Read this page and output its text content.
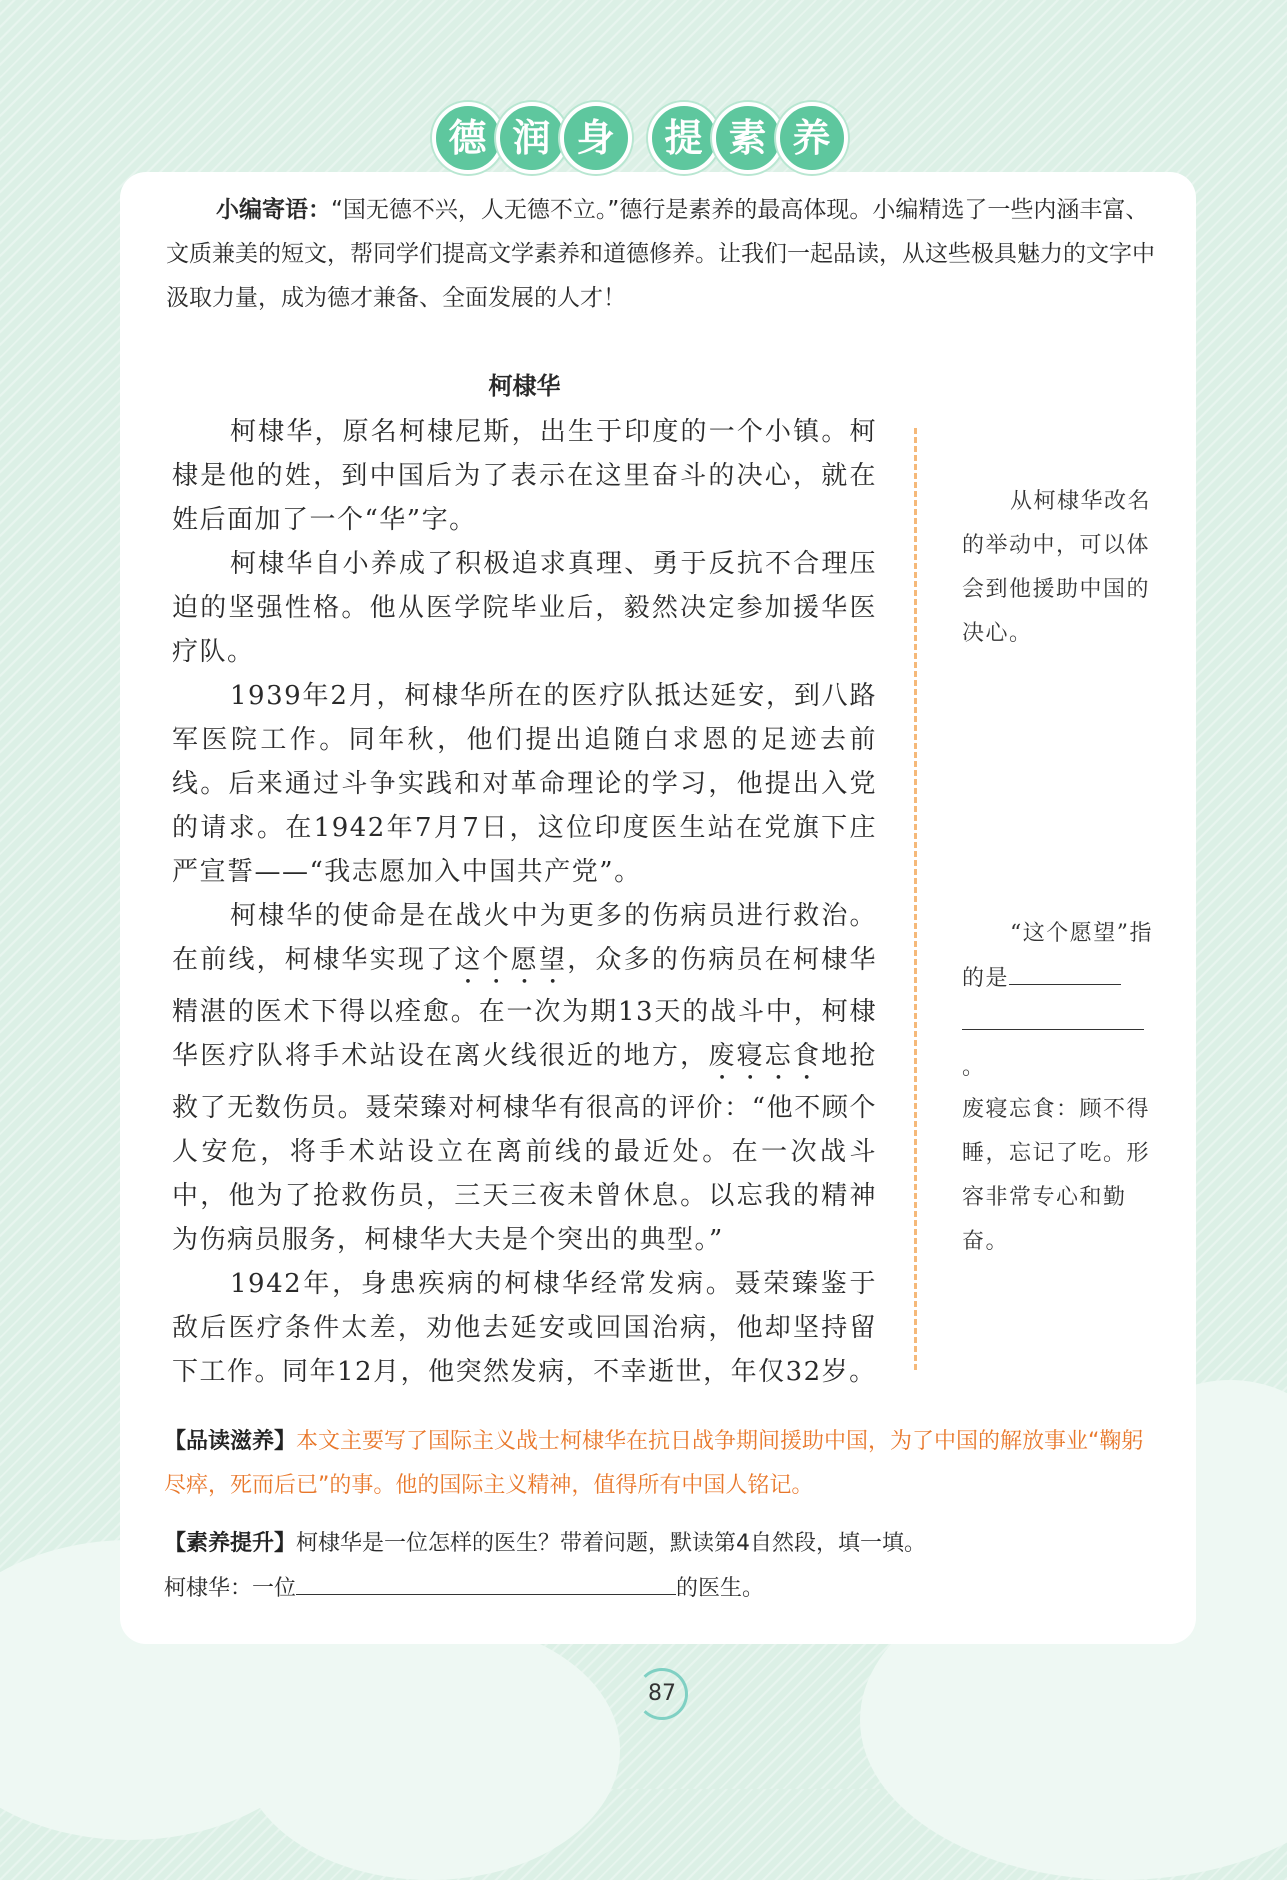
德 润 身	提 素 养

小编寄语：“国无德不兴，人无德不立。”德行是素养的最高体现。小编精选了一些内涵丰富、文质兼美的短文，帮同学们提高文学素养和道德修养。让我们一起品读，从这些极具魅力的文字中汲取力量，成为德才兼备、全面发展的人才！

柯棣华

柯棣华，原名柯棣尼斯，出生于印度的一个小镇。柯棣是他的姓，到中国后为了表示在这里奋斗的决心，就在姓后面加了一个“华”字。

柯棣华自小养成了积极追求真理、勇于反抗不合理压迫的坚强性格。他从医学院毕业后，毅然决定参加援华医疗队。

1939年2月，柯棣华所在的医疗队抵达延安，到八路军医院工作。同年秋，他们提出追随白求恩的足迹去前线。后来通过斗争实践和对革命理论的学习，他提出入党的请求。在1942年7月7日，这位印度医生站在党旗下庄严宣誓——“我志愿加入中国共产党”。

柯棣华的使命是在战火中为更多的伤病员进行救治。在前线，柯棣华实现了这个愿望，众多的伤病员在柯棣华精湛的医术下得以痊愈。在一次为期13天的战斗中，柯棣华医疗队将手术站设在离火线很近的地方，废寝忘食地抢救了无数伤员。聂荣臻对柯棣华有很高的评价：“他不顾个人安危，将手术站设立在离前线的最近处。在一次战斗中，他为了抢救伤员，三天三夜未曾休息。以忘我的精神为伤病员服务，柯棣华大夫是个突出的典型。”

1942年，身患疾病的柯棣华经常发病。聂荣臻鉴于敌后医疗条件太差，劝他去延安或回国治病，他却坚持留下工作。同年12月，他突然发病，不幸逝世，年仅32岁。

从柯棣华改名的举动中，可以体会到他援助中国的决心。

“这个愿望”指的是

。

废寝忘食：顾不得睡，忘记了吃。形容非常专心和勤奋。

【品读滋养】本文主要写了国际主义战士柯棣华在抗日战争期间援助中国，为了中国的解放事业“鞠躬尽瘁，死而后已”的事。他的国际主义精神，值得所有中国人铭记。

【素养提升】柯棣华是一位怎样的医生？带着问题，默读第4自然段，填一填。

柯棣华：一位	的医生。

87
